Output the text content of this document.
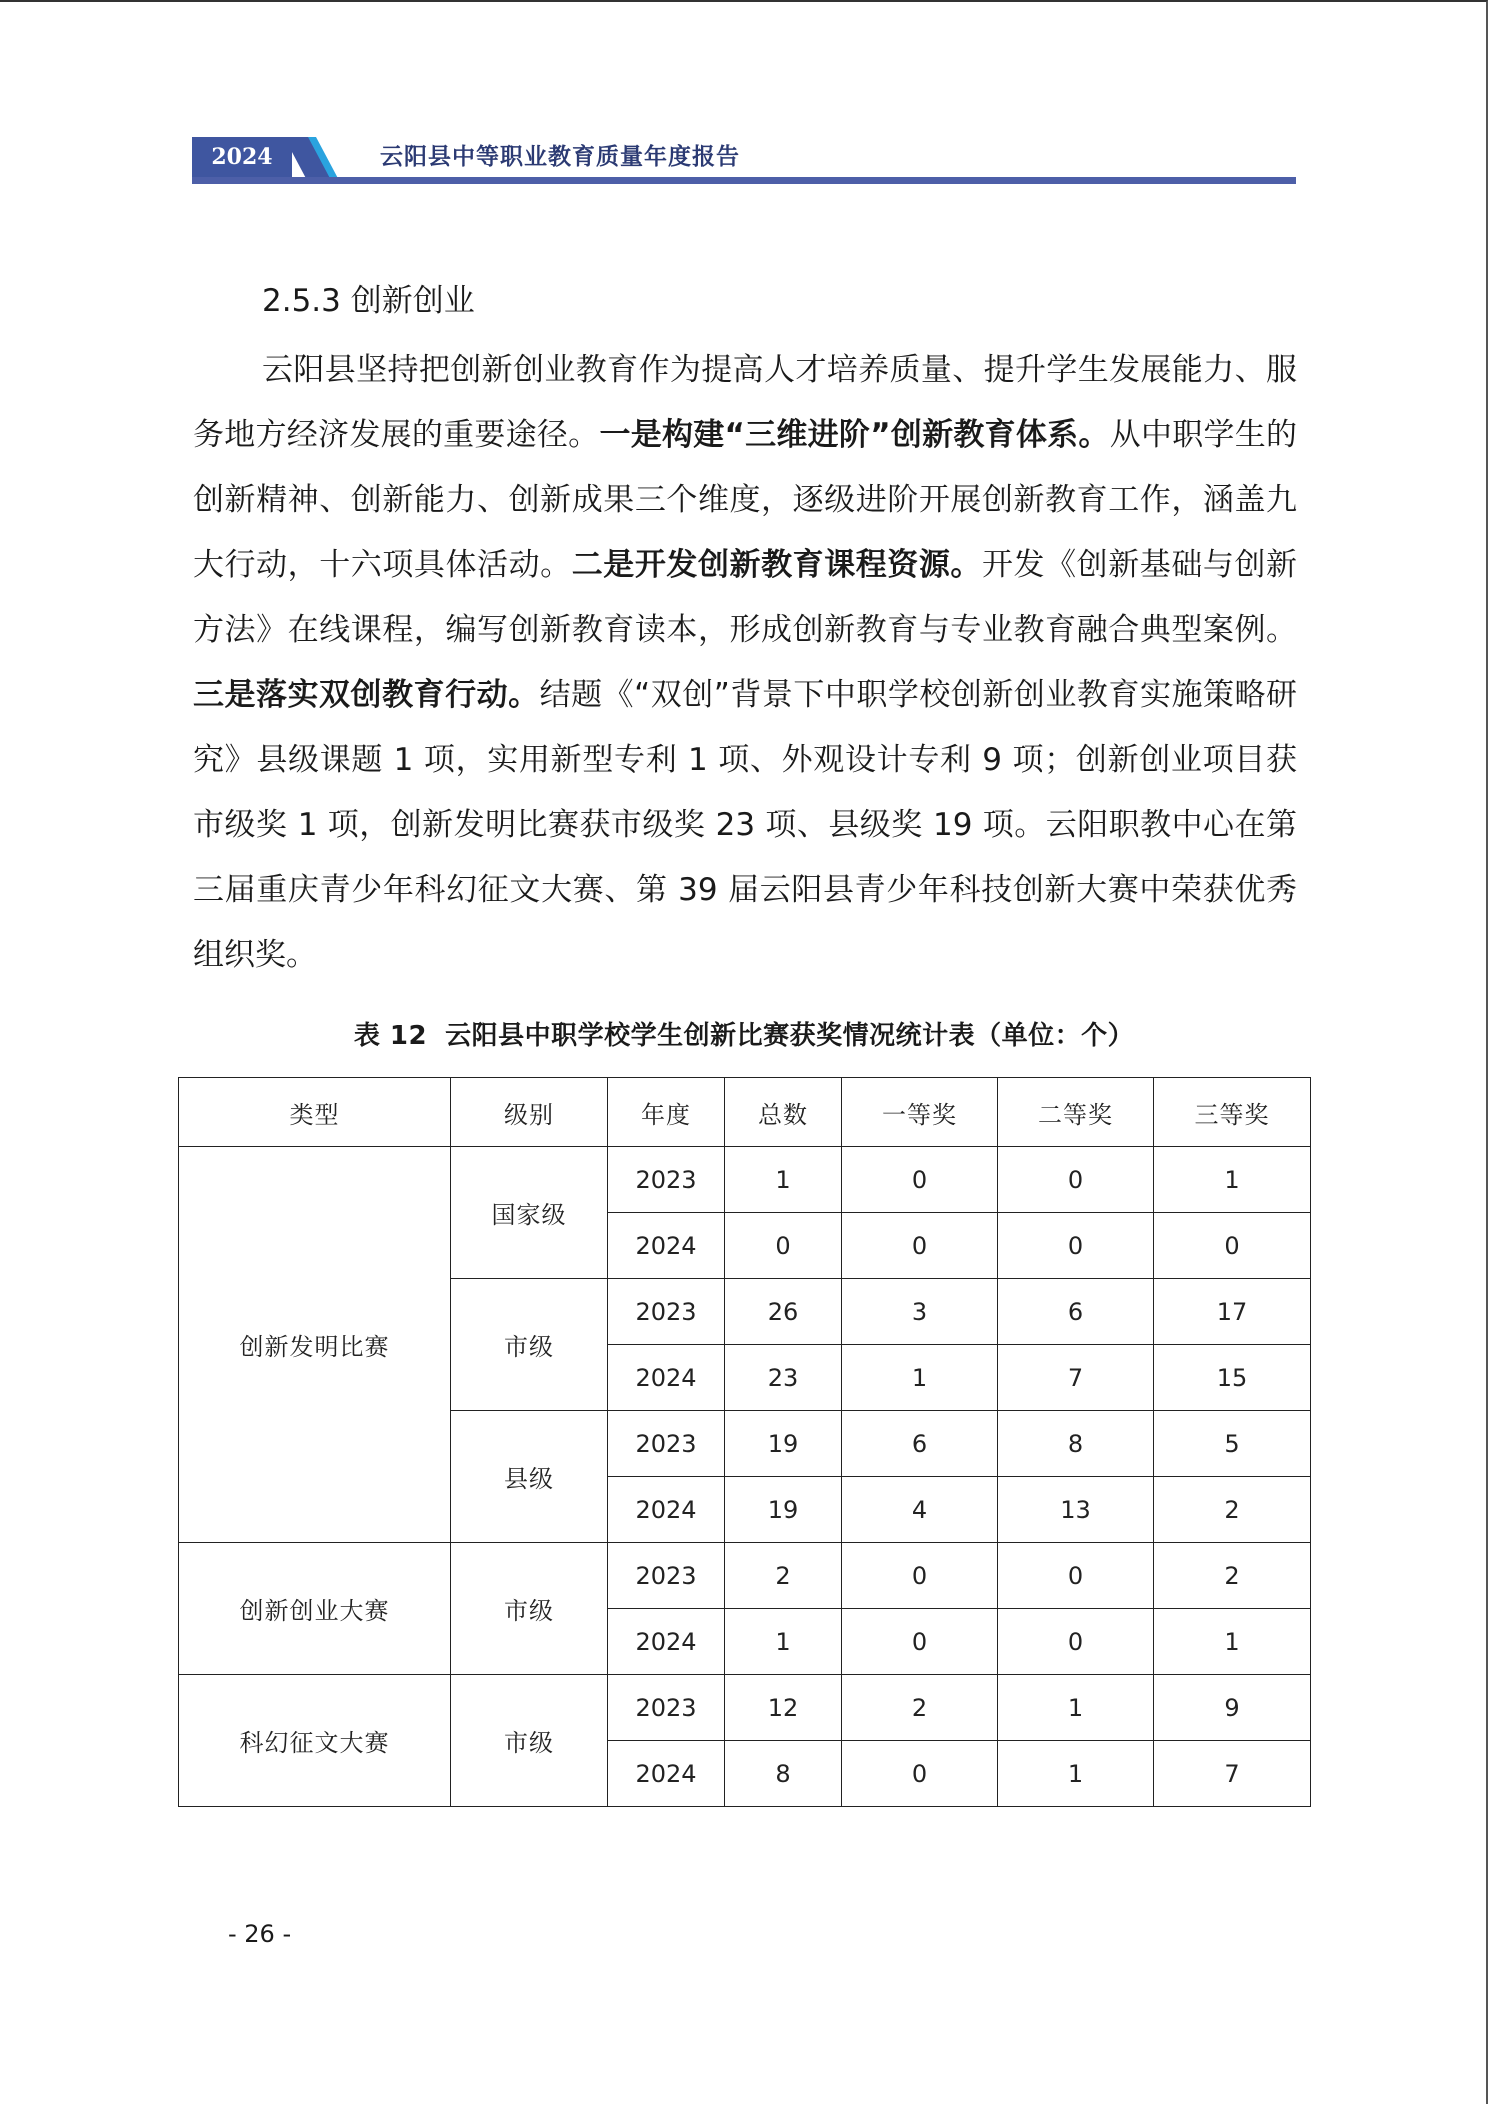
2024	云阳县中等职业教育质量年度报告
2.5.3 创新创业

云阳县坚持把创新创业教育作为提高人才培养质量、提升学生发展能力、服务地方经济发展的重要途径。一是构建“三维进阶”创新教育体系。从中职学生的创新精神、创新能力、创新成果三个维度，逐级进阶开展创新教育工作，涵盖九大行动，十六项具体活动。二是开发创新教育课程资源。开发《创新基础与创新方法》在线课程，编写创新教育读本，形成创新教育与专业教育融合典型案例。三是落实双创教育行动。结题《“双创”背景下中职学校创新创业教育实施策略研究》县级课题 1 项，实用新型专利 1 项、外观设计专利 9 项；创新创业项目获市级奖 1 项，创新发明比赛获市级奖 23 项、县级奖 19 项。云阳职教中心在第三届重庆青少年科幻征文大赛、第 39 届云阳县青少年科技创新大赛中荣获优秀组织奖。

表 12 云阳县中职学校学生创新比赛获奖情况统计表（单位：个）
类型	级别	年度	总数	一等奖	二等奖	三等奖
创新发明比赛	国家级	2023	1	0	0	1
		2024	0	0	0	0
	市级	2023	26	3	6	17
		2024	23	1	7	15
	县级	2023	19	6	8	5
		2024	19	4	13	2
创新创业大赛	市级	2023	2	0	0	2
		2024	1	0	0	1
科幻征文大赛	市级	2023	12	2	1	9
		2024	8	0	1	7
- 26 -
